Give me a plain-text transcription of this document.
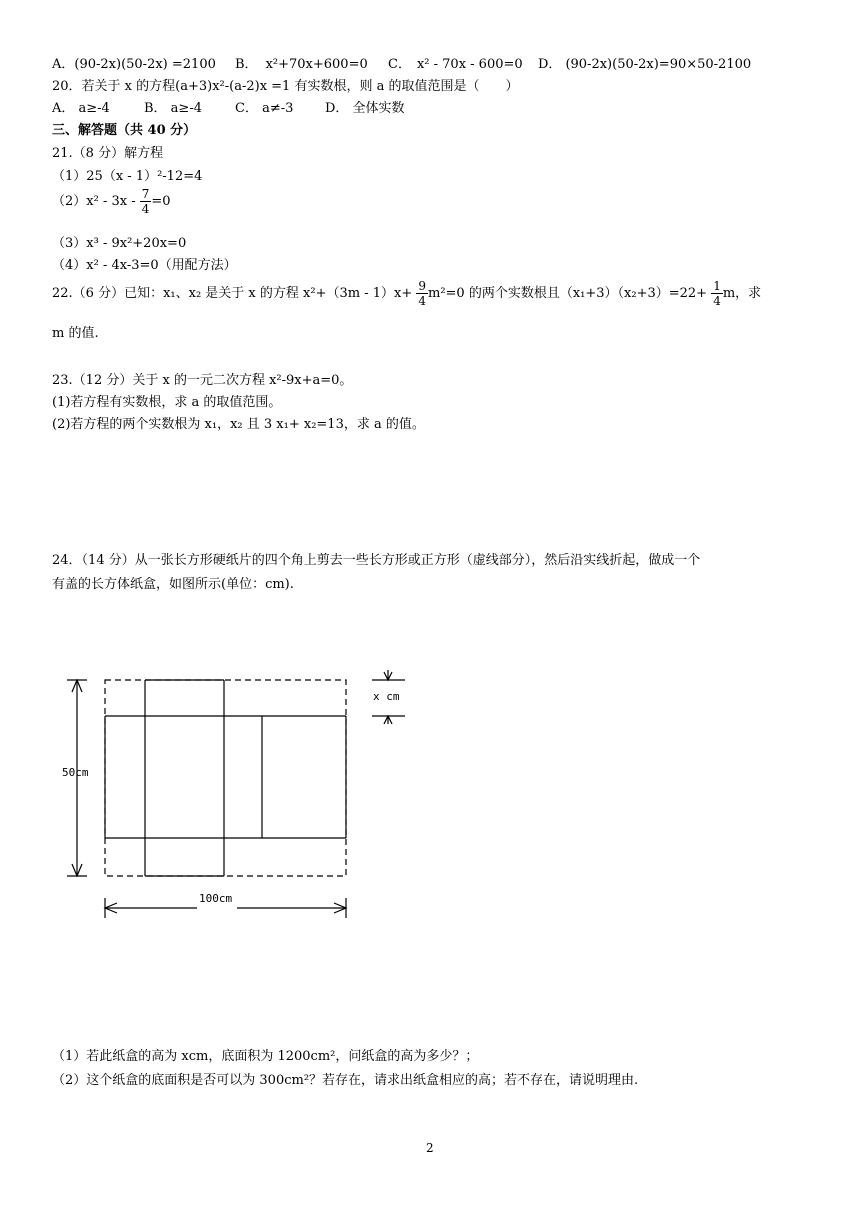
A．(90-2x)(50-2x) =2100 B． x²+70x+600=0 C． x² - 70x - 600=0 D． (90-2x)(50-2x)=90×50-2100
20．若关于 x 的方程(a+3)x²-(a-2)x =1 有实数根，则 a 的取值范围是（　　）
A． a≥-4	B． a≥-4	C． a≠-3 D． 全体实数
三、解答题（共 40 分）
21.（8 分）解方程
（1）25（x - 1）²-12=4
$(2)x^2 - 3x - \frac{7}{4} =0$
（3）x³ - 9x²+20x=0
（4）x² - 4x-3=0（用配方法）
22.（6 分）已知：x₁、x₂ 是关于 x 的方程 $x^2+(3m - 1)x+ \frac{9}{4} m^2=0$ 的两个实数根且$(x_1+3)(x_2+3)=22+ \frac{1}{4}$ m，求
m 的值.
23.（12 分）关于 x 的一元二次方程 x²-9x+a=0。
(1)若方程有实数根，求 a 的取值范围。
(2)若方程的两个实数根为 x₁，x₂ 且 3 x₁+ x₂=13，求 a 的值。
24．（14 分）从一张长方形硬纸片的四个角上剪去一些长方形或正方形（虚线部分），然后沿实线折起，做成一个
有盖的长方体纸盒，如图所示(单位：cm).
50cm
100cm
x cm
（1）若此纸盒的高为 xcm，底面积为 1200cm²，问纸盒的高为多少？；
（2）这个纸盒的底面积是否可以为 300cm²？若存在，请求出纸盒相应的高；若不存在，请说明理由.
2
